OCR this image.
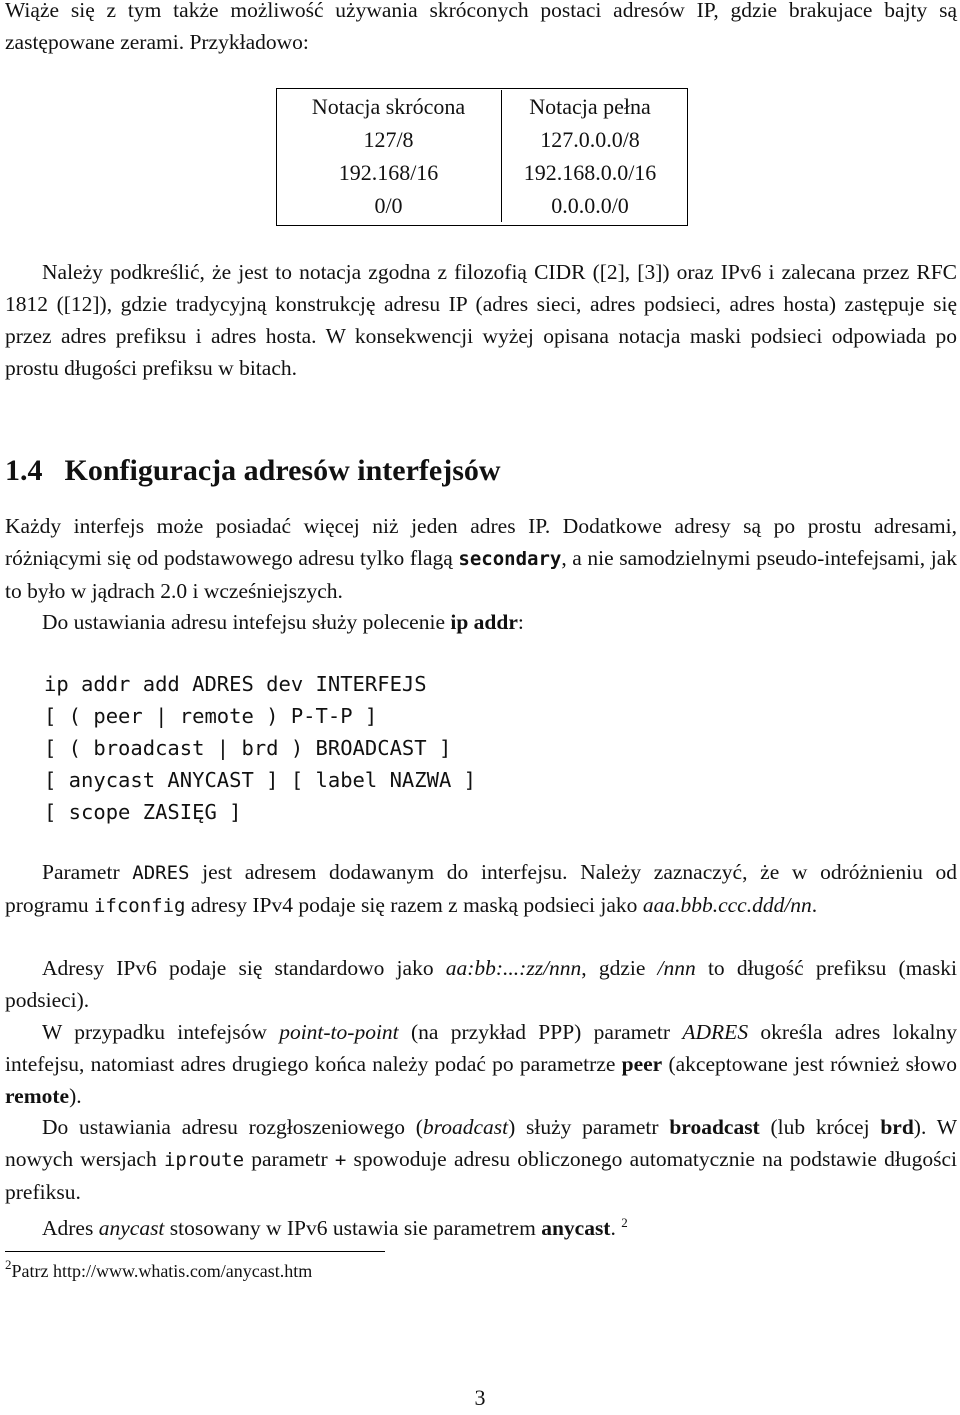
Wiąże się z tym także możliwość używania skróconych postaci adresów IP, gdzie brakujace bajty są zastępowane zerami. Przykładowo:

Notacja skrócona	Notacja pełna
127/8	127.0.0.0/8
192.168/16	192.168.0.0/16
0/0	0.0.0.0/0

Należy podkreślić, że jest to notacja zgodna z filozofią CIDR ([2], [3]) oraz IPv6 i zalecana przez RFC 1812 ([12]), gdzie tradycyjną konstrukcję adresu IP (adres sieci, adres podsieci, adres hosta) zastępuje się przez adres prefiksu i adres hosta. W konsekwencji wyżej opisana notacja maski podsieci odpowiada po prostu długości prefiksu w bitach.

1.4 Konfiguracja adresów interfejsów

Każdy interfejs może posiadać więcej niż jeden adres IP. Dodatkowe adresy są po prostu adresami, różniącymi się od podstawowego adresu tylko flagą secondary, a nie samodzielnymi pseudo-intefejsami, jak to było w jądrach 2.0 i wcześniejszych.

Do ustawiania adresu intefejsu służy polecenie ip addr:

ip addr add ADRES dev INTERFEJS
[ ( peer | remote ) P-T-P ]
[ ( broadcast | brd ) BROADCAST ]
[ anycast ANYCAST ] [ label NAZWA ]
[ scope ZASIĘG ]

Parametr ADRES jest adresem dodawanym do interfejsu. Należy zaznaczyć, że w odróżnieniu od programu ifconfig adresy IPv4 podaje się razem z maską podsieci jako aaa.bbb.ccc.ddd/nn.

Adresy IPv6 podaje się standardowo jako aa:bb:...:zz/nnn, gdzie /nnn to długość prefiksu (maski podsieci).

W przypadku intefejsów point-to-point (na przykład PPP) parametr ADRES określa adres lokalny intefejsu, natomiast adres drugiego końca należy podać po parametrze peer (akceptowane jest również słowo remote).

Do ustawiania adresu rozgłoszeniowego (broadcast) służy parametr broadcast (lub krócej brd). W nowych wersjach iproute parametr + spowoduje adresu obliczonego automatycznie na podstawie długości prefiksu.

Adres anycast stosowany w IPv6 ustawia sie parametrem anycast. $^2$

$^2$Patrz http://www.whatis.com/anycast.htm
3
